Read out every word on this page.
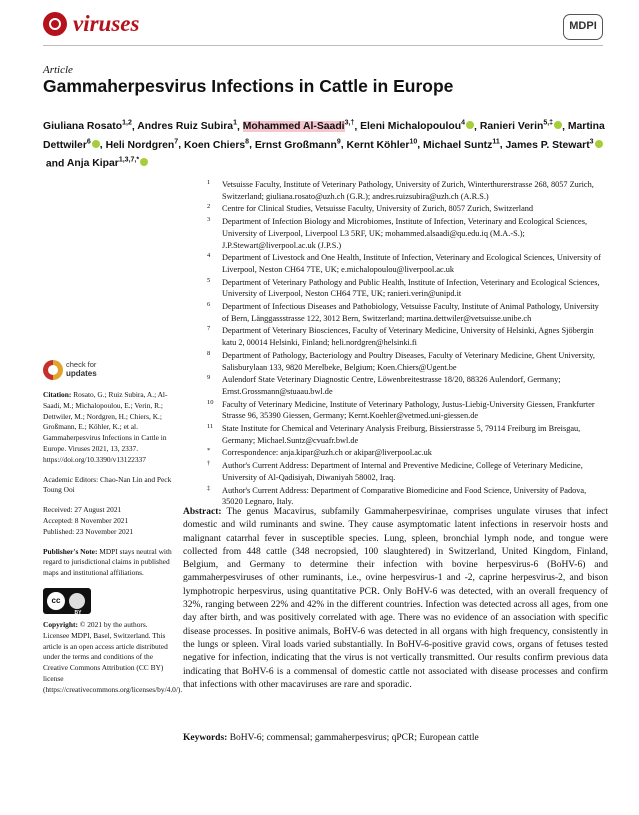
viruses	MDPI
Article
Gammaherpesvirus Infections in Cattle in Europe
Giuliana Rosato$^{1,2}$, Andres Ruiz Subira$^1$, Mohammed Al-Saadi$^{3,\dagger}$, Eleni Michalopoulou$^4$ , Ranieri Verin$^{5,\ddagger}$ , Martina Dettwiler$^6$ , Heli Nordgren$^7$, Koen Chiers$^8$, Ernst Großmann$^9$, Kernt Köhler$^{10}$, Michael Suntz$^{11}$, James P. Stewart$^3$ and Anja Kipar$^{1,3,7,*}$
1 Vetsuisse Faculty, Institute of Veterinary Pathology, University of Zurich, Winterthurerstrasse 268, 8057 Zurich, Switzerland; giuliana.rosato@uzh.ch (G.R.); andres.ruizsubira@uzh.ch (A.R.S.)
2 Centre for Clinical Studies, Vetsuisse Faculty, University of Zurich, 8057 Zurich, Switzerland
3 Department of Infection Biology and Microbiomes, Institute of Infection, Veterinary and Ecological Sciences, University of Liverpool, Liverpool L3 5RF, UK; mohammed.alsaadi@qu.edu.iq (M.A.-S.); J.P.Stewart@liverpool.ac.uk (J.P.S.)
4 Department of Livestock and One Health, Institute of Infection, Veterinary and Ecological Sciences, University of Liverpool, Neston CH64 7TE, UK; e.michalopoulou@liverpool.ac.uk
5 Department of Veterinary Pathology and Public Health, Institute of Infection, Veterinary and Ecological Sciences, University of Liverpool, Neston CH64 7TE, UK; ranieri.verin@unipd.it
6 Department of Infectious Diseases and Pathobiology, Vetsuisse Faculty, Institute of Animal Pathology, University of Bern, Länggassstrasse 122, 3012 Bern, Switzerland; martina.dettwiler@vetsuisse.unibe.ch
7 Department of Veterinary Biosciences, Faculty of Veterinary Medicine, University of Helsinki, Agnes Sjöbergin katu 2, 00014 Helsinki, Finland; heli.nordgren@helsinki.fi
8 Department of Pathology, Bacteriology and Poultry Diseases, Faculty of Veterinary Medicine, Ghent University, Salisburylaan 133, 9820 Merelbeke, Belgium; Koen.Chiers@Ugent.be
9 Aulendorf State Veterinary Diagnostic Centre, Löwenbreitestrasse 18/20, 88326 Aulendorf, Germany; Ernst.Grossmann@stuaau.bwl.de
10 Faculty of Veterinary Medicine, Institute of Veterinary Pathology, Justus-Liebig-University Giessen, Frankfurter Strasse 96, 35390 Giessen, Germany; Kernt.Koehler@vetmed.uni-giessen.de
11 State Institute for Chemical and Veterinary Analysis Freiburg, Bissierstrasse 5, 79114 Freiburg im Breisgau, Germany; Michael.Suntz@cvuafr.bwl.de
* Correspondence: anja.kipar@uzh.ch or akipar@liverpool.ac.uk
† Author's Current Address: Department of Internal and Preventive Medicine, College of Veterinary Medicine, University of Al-Qadisiyah, Diwaniyah 58002, Iraq.
‡ Author's Current Address: Department of Comparative Biomedicine and Food Science, University of Padova, 35020 Legnaro, Italy.
check for
updates
Citation: Rosato, G.; Ruiz Subira, A.; Al-Saadi, M.; Michalopoulou, E.; Verin, R.; Dettwiler, M.; Nordgren, H.; Chiers, K.; Großmann, E.; Köhler, K.; et al. Gammaherpesvirus Infections in Cattle in Europe. Viruses 2021, 13, 2337. https://doi.org/10.3390/v13122337
Academic Editors: Chao-Nan Lin and Peck Toung Ooi
Received: 27 August 2021
Accepted: 8 November 2021
Published: 23 November 2021
Publisher's Note: MDPI stays neutral with regard to jurisdictional claims in published maps and institutional affiliations.
cc
BY
Copyright: © 2021 by the authors. Licensee MDPI, Basel, Switzerland. This article is an open access article distributed under the terms and conditions of the Creative Commons Attribution (CC BY) license (https://creativecommons.org/licenses/by/4.0/).
Abstract: The genus Macavirus, subfamily Gammaherpesvirinae, comprises ungulate viruses that infect domestic and wild ruminants and swine. They cause asymptomatic latent infections in reservoir hosts and malignant catarrhal fever in susceptible species. Lung, spleen, bronchial lymph node, and tongue were collected from 448 cattle (348 necropsied, 100 slaughtered) in Switzerland, United Kingdom, Finland, Belgium, and Germany to determine their infection with bovine herpesvirus-6 (BoHV-6) and gammaherpesviruses of other ruminants, i.e., ovine herpesvirus-1 and -2, caprine herpesvirus-2, and bison lymphotropic herpesvirus, using quantitative PCR. Only BoHV-6 was detected, with an overall frequency of 32%, ranging between 22% and 42% in the different countries. Infection was detected across all ages, from one day after birth, and was positively correlated with age. There was no evidence of an association with specific disease processes. In positive animals, BoHV-6 was detected in all organs with high frequency, consistently in the lungs or spleen. Viral loads varied substantially. In BoHV-6-positive gravid cows, organs of fetuses tested negative for infection, indicating that the virus is not vertically transmitted. Our results confirm previous data indicating that BoHV-6 is a commensal of domestic cattle not associated with disease processes and confirm that infections with other macaviruses are rare and sporadic.
Keywords: BoHV-6; commensal; gammaherpesvirus; qPCR; European cattle
